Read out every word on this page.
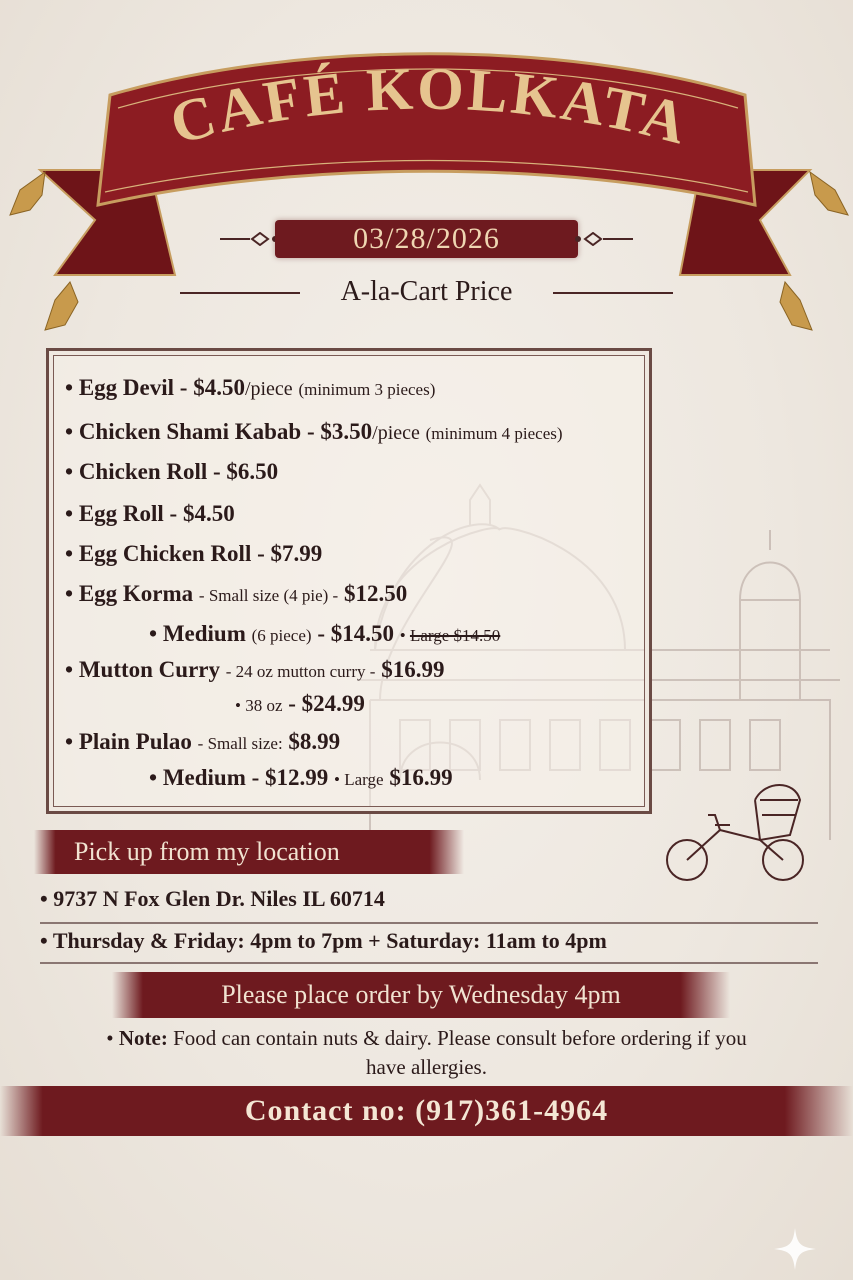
CAFÉ KOLKATA
03/28/2026
A-la-Cart Price
• Egg Devil - $4.50/piece (minimum 3 pieces)
• Chicken Shami Kabab - $3.50/piece (minimum 4 pieces)
• Chicken Roll - $6.50
• Egg Roll - $4.50
• Egg Chicken Roll - $7.99
• Egg Korma - Small size (4 pie) - $12.50
• Medium (6 piece) - $14.50 • Large $14.50
• Mutton Curry - 24 oz mutton curry - $16.99
• 38 oz - $24.99
• Plain Pulao - Small size: $8.99
• Medium - $12.99 • Large $16.99
Pick up from my location
• 9737 N Fox Glen Dr. Niles IL 60714
• Thursday & Friday: 4pm to 7pm + Saturday: 11am to 4pm
Please place order by Wednesday 4pm
• Note: Food can contain nuts & dairy. Please consult before ordering if you have allergies.
Contact no: (917)361-4964
